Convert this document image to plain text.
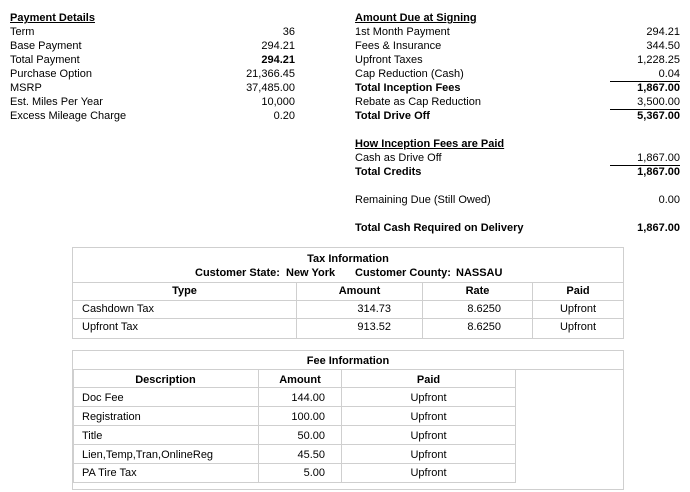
Payment Details
Term	36
Base Payment	294.21
Total Payment	294.21
Purchase Option	21,366.45
MSRP	37,485.00
Est. Miles Per Year	10,000
Excess Mileage Charge	0.20
Amount Due at Signing
1st Month Payment	294.21
Fees & Insurance	344.50
Upfront Taxes	1,228.25
Cap Reduction (Cash)	0.04
Total Inception Fees	1,867.00
Rebate as Cap Reduction	3,500.00
Total Drive Off	5,367.00
How Inception Fees are Paid
Cash as Drive Off	1,867.00
Total Credits	1,867.00
Remaining Due (Still Owed)	0.00
Total Cash Required on Delivery	1,867.00
Tax Information
Customer State: New York Customer County: NASSAU
Type	Amount	Rate	Paid
Cashdown Tax	314.73	8.6250	Upfront
Upfront Tax	913.52	8.6250	Upfront
Fee Information
Description	Amount	Paid
Doc Fee	144.00	Upfront
Registration	100.00	Upfront
Title	50.00	Upfront
Lien,Temp,Tran,OnlineReg	45.50	Upfront
PA Tire Tax	5.00	Upfront
